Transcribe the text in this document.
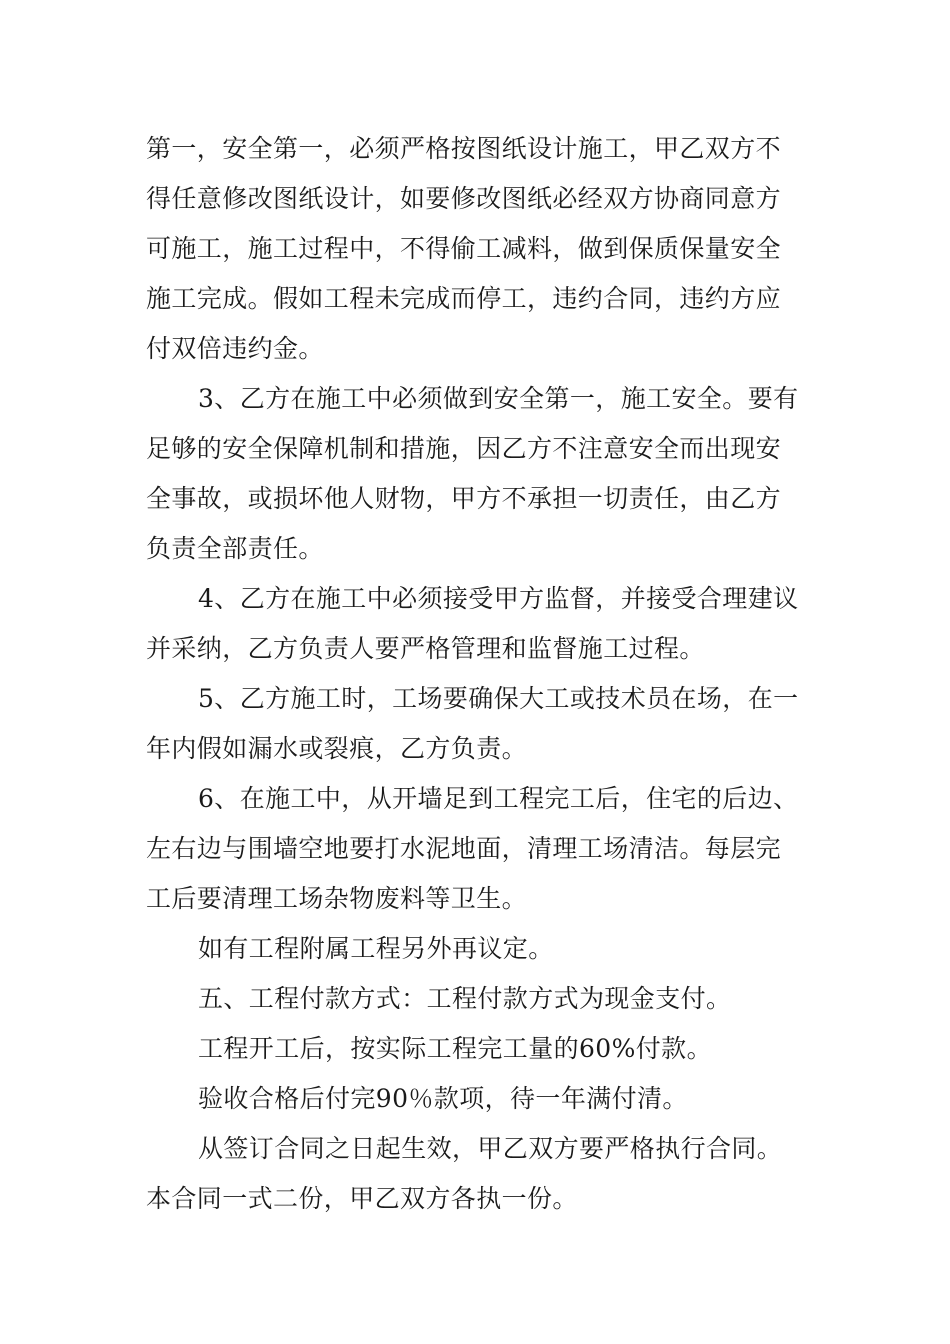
第一，安全第一，必须严格按图纸设计施工，甲乙双方不
得任意修改图纸设计，如要修改图纸必经双方协商同意方
可施工，施工过程中，不得偷工减料，做到保质保量安全
施工完成。假如工程未完成而停工，违约合同，违约方应
付双倍违约金。
3、乙方在施工中必须做到安全第一，施工安全。要有
足够的安全保障机制和措施，因乙方不注意安全而出现安
全事故，或损坏他人财物，甲方不承担一切责任，由乙方
负责全部责任。
4、乙方在施工中必须接受甲方监督，并接受合理建议
并采纳，乙方负责人要严格管理和监督施工过程。
5、乙方施工时，工场要确保大工或技术员在场，在一
年内假如漏水或裂痕，乙方负责。
6、在施工中，从开墙足到工程完工后，住宅的后边、
左右边与围墙空地要打水泥地面，清理工场清洁。每层完
工后要清理工场杂物废料等卫生。
如有工程附属工程另外再议定。
五、工程付款方式：工程付款方式为现金支付。
工程开工后，按实际工程完工量的60%付款。
验收合格后付完90％款项，待一年满付清。
从签订合同之日起生效，甲乙双方要严格执行合同。
本合同一式二份，甲乙双方各执一份。
